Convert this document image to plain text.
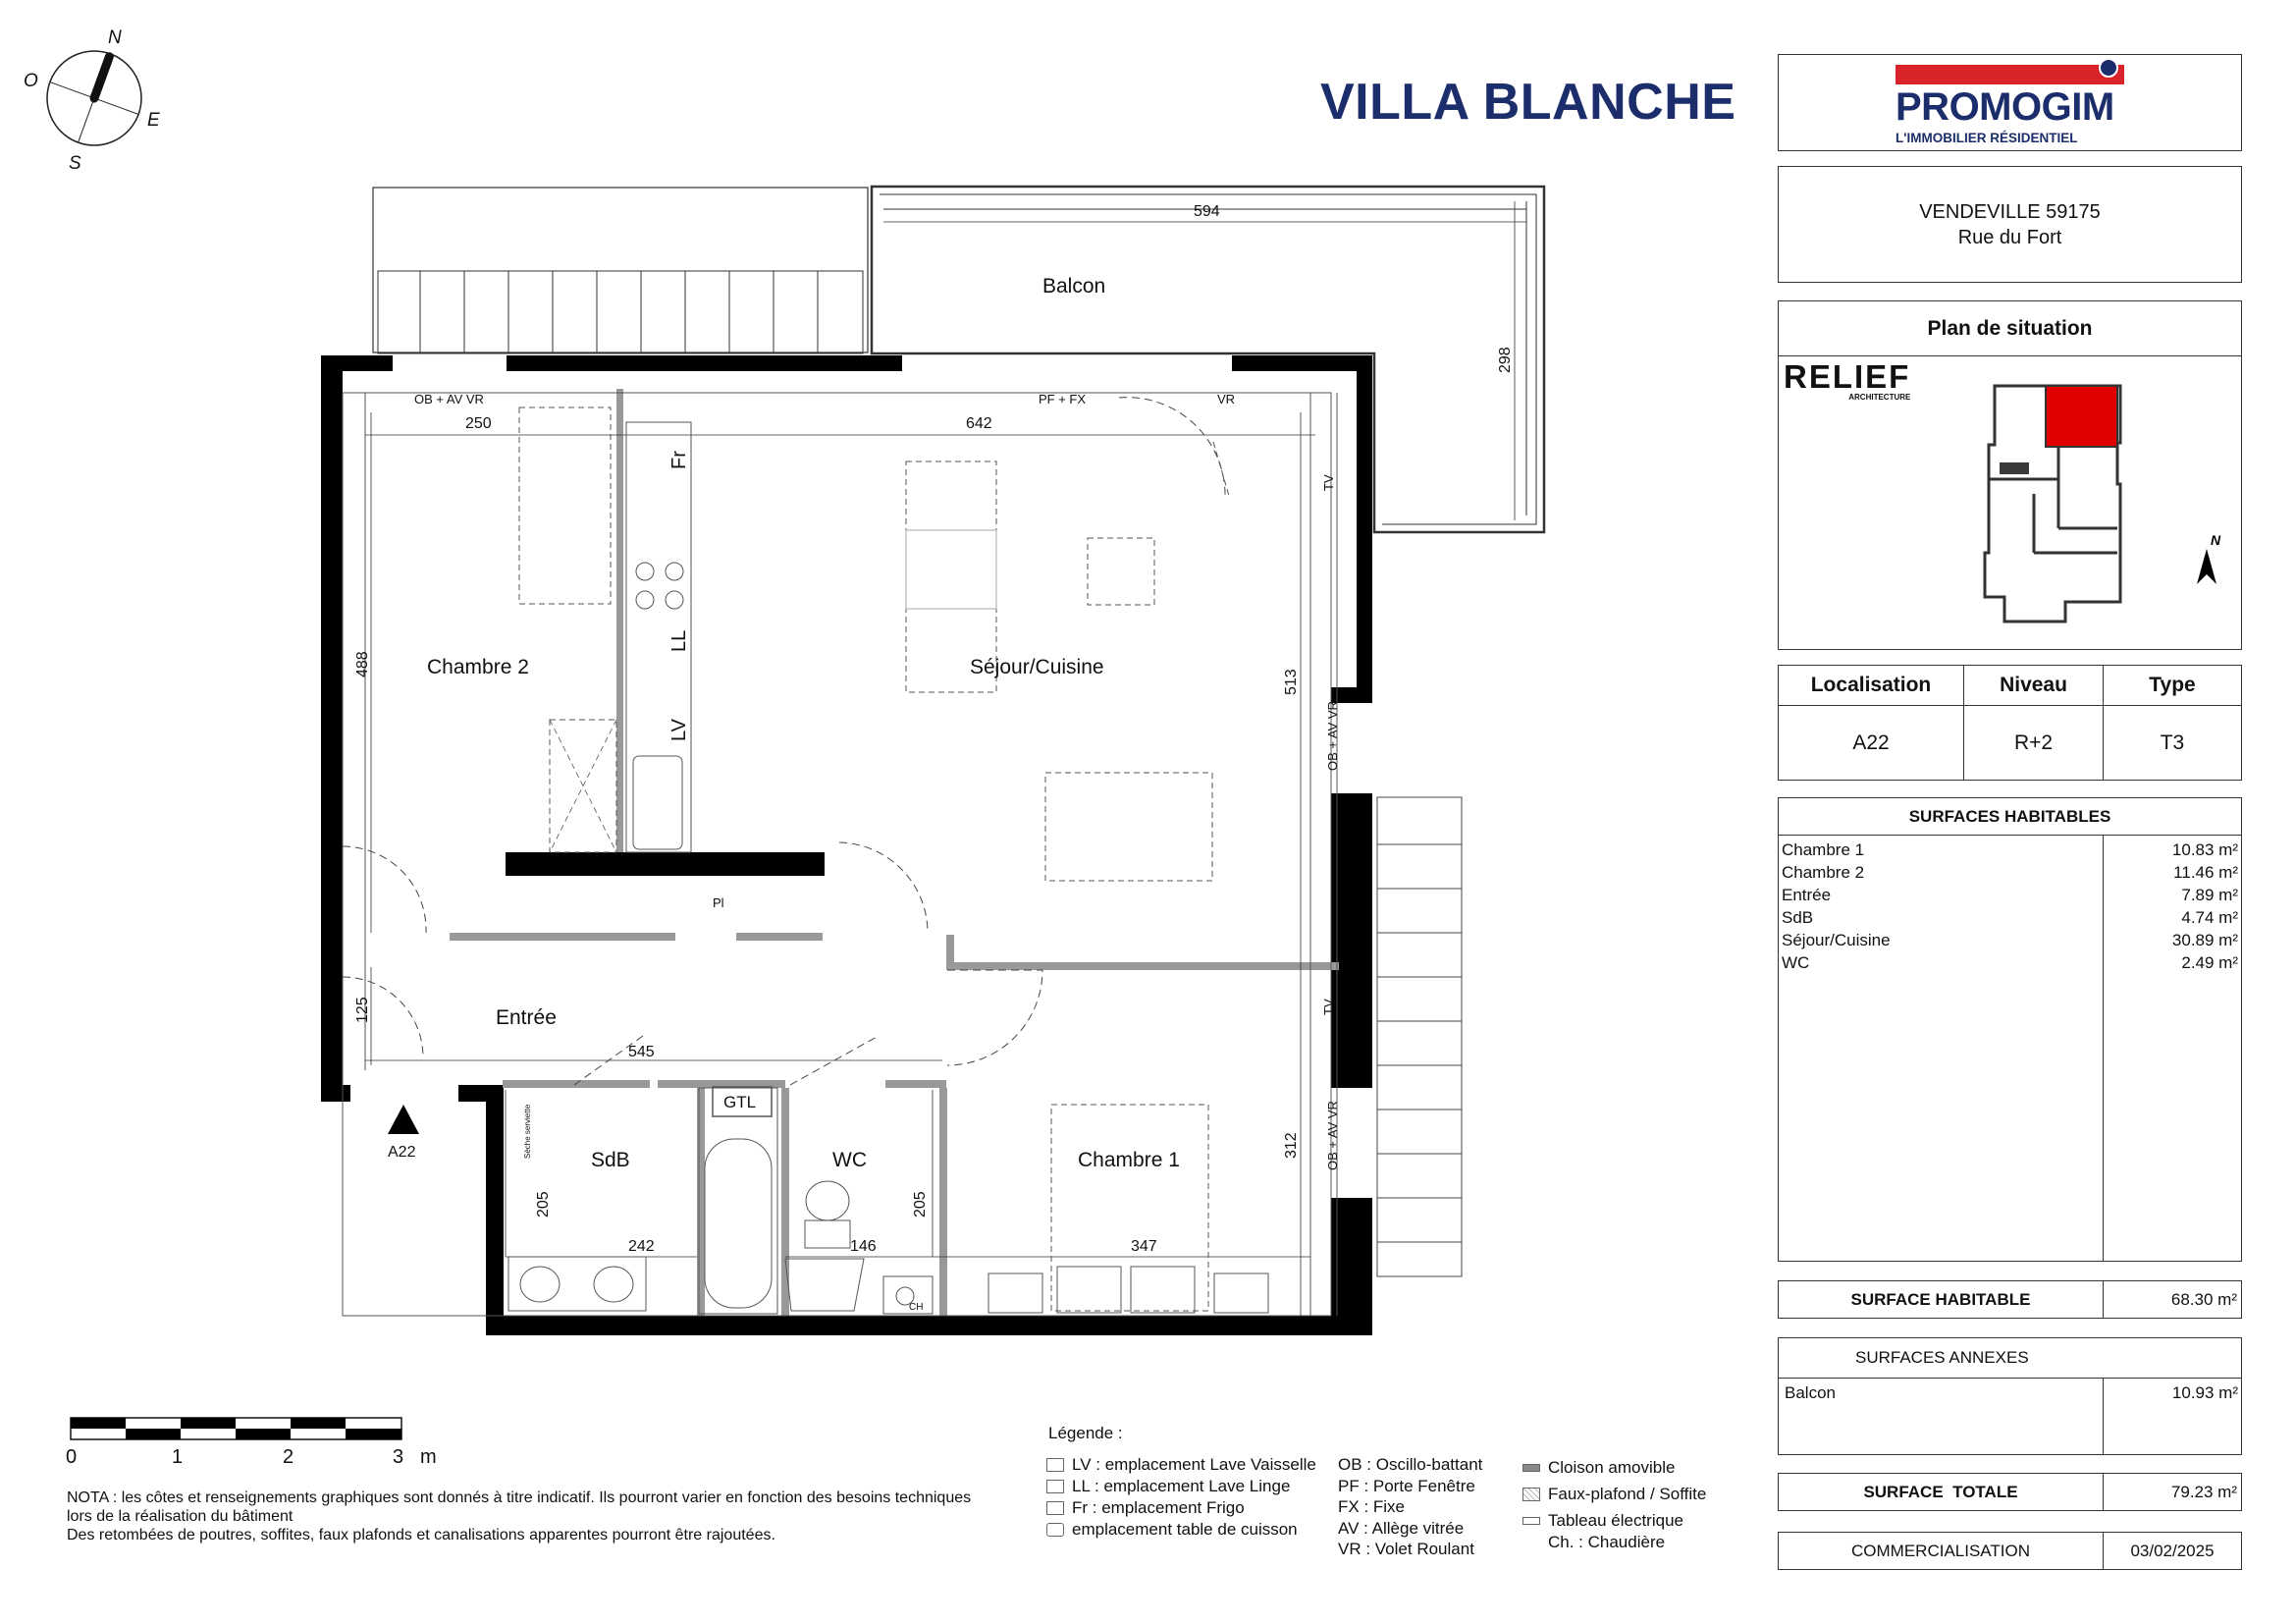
N
E
S
O
A22
Balcon
Chambre 2	Séjour/Cuisine
Entrée
SdB	WC	Chambre 1
594
298
250	642
488
513
125
545
312
205	205
242	146	347
OB + AV VR	PF + FX	VR
Fr
LL
LV
TV
TV
OB + AV VR
OB + AV VR
GTL
Pl
CH
Sèche serviette
0	1	2	3 m
VILLA BLANCHE
NOTA : les côtes et renseignements graphiques sont donnés à titre indicatif. Ils pourront varier en fonction des besoins techniques
lors de la réalisation du bâtiment
Des retombées de poutres, soffites, faux plafonds et canalisations apparentes pourront être rajoutées.
Légende :
LV : emplacement Lave Vaisselle
LL : emplacement Lave Linge
Fr : emplacement Frigo
emplacement table de cuisson
OB : Oscillo-battant
PF : Porte Fenêtre
FX : Fixe
AV : Allège vitrée
VR : Volet Roulant
Cloison amovible
Faux-plafond / Soffite
Tableau électrique
Ch. : Chaudière
PROMOGIM
L'IMMOBILIER RÉSIDENTIEL
VENDEVILLE 59175
Rue du Fort
Plan de situation
RELIEF
ARCHITECTURE
N
Localisation	Niveau	Type
A22	R+2	T3
SURFACES HABITABLES
Chambre 1	10.83 m²
Chambre 2	11.46 m²
Entrée	7.89 m²
SdB	4.74 m²
Séjour/Cuisine	30.89 m²
WC	2.49 m²
SURFACE HABITABLE	68.30 m²
SURFACES ANNEXES
Balcon	10.93 m²
SURFACE  TOTALE	79.23 m²
COMMERCIALISATION	03/02/2025
